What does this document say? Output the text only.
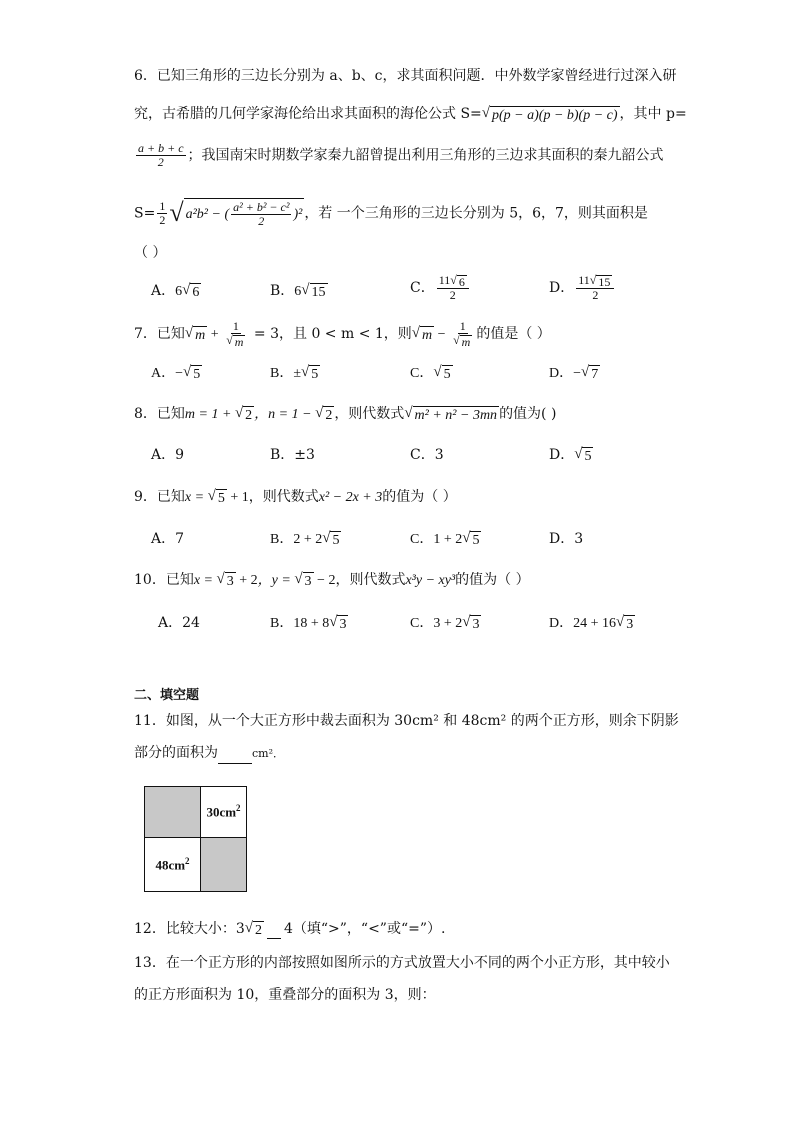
6．已知三角形的三边长分别为 a、b、c，求其面积问题．中外数学家曾经进行过深入研
究，古希腊的几何学家海伦给出求其面积的海伦公式 S= √ p(p − a)(p − b)(p − c) ，其中 p=
$\frac{a + b + c}{2}$ ；我国南宋时期数学家秦九韶曾提出利用三角形的三边求其面积的秦九韶公式
$S= \frac{1}{2}$ √ a²b² − ( $\frac{\text{a² + b² − c²}}{2} )^2$ ，若 一个三角形的三边长分别为 5，6，7，则其面积是
（ ）
A．6 √ 6	B．6 √ 15	C． $\frac{11 √ 6}{2}$	D． $\frac{11 √ 15}{2}$
7．已知 √ $m + \frac{1}{√ m} = 3$，且 0 < m < 1，则 √ $m - \frac{1}{√ m}$ 的值是（ ）
A．− √ 5	B．± √ 5	C． √ 5	D．− √ 7
8．已知m = 1 + √ 2 ，n = 1 − √ 2 ，则代数式 √ m² + n² − 3mn 的值为( )
A．9	B．±3	C．3	D． √ 5
9．已知x = √ 5 + 1，则代数式x² − 2x + 3的值为（ ）
A．7	B．2 + 2 √ 5	C．1 + 2 √ 5	D．3
10．已知x = √ 3 + 2，y = √ 3 − 2，则代数式x³y − xy³的值为（ ）
A．24	B．18 + 8 √ 3	C．3 + 2 √ 3	D．24 + 16 √ 3
二、填空题
11．如图，从一个大正方形中裁去面积为 30cm² 和 48cm² 的两个正方形，则余下阴影
部分的面积为	cm²．
$30cm^2$
$48cm^2$
12．比较大小：3 √ 2 4（填“>”，“<”或“=”）.
13．在一个正方形的内部按照如图所示的方式放置大小不同的两个小正方形，其中较小
的正方形面积为 10，重叠部分的面积为 3，则：
